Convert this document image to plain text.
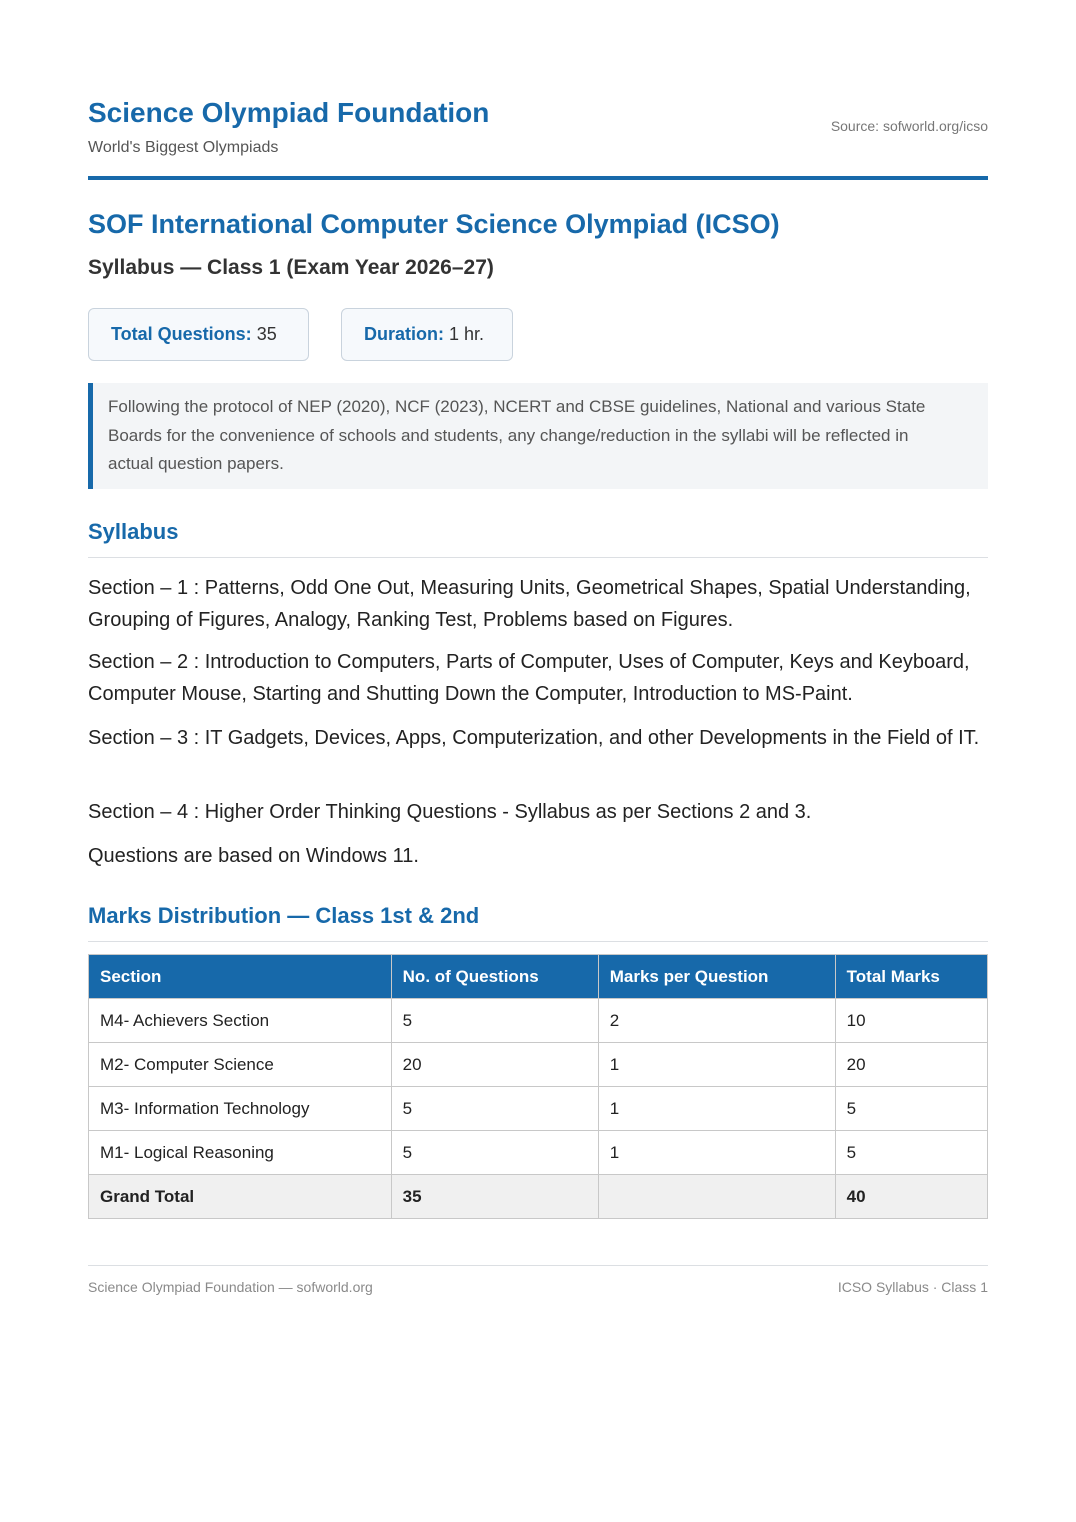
Science Olympiad Foundation
World's Biggest Olympiads
Source: sofworld.org/icso
SOF International Computer Science Olympiad (ICSO)
Syllabus — Class 1 (Exam Year 2026–27)
Total Questions: 35	Duration: 1 hr.
Following the protocol of NEP (2020), NCF (2023), NCERT and CBSE guidelines, National and various State Boards for the convenience of schools and students, any change/reduction in the syllabi will be reflected in actual question papers.
Syllabus

Section – 1 : Patterns, Odd One Out, Measuring Units, Geometrical Shapes, Spatial Understanding, Grouping of Figures, Analogy, Ranking Test, Problems based on Figures.

Section – 2 : Introduction to Computers, Parts of Computer, Uses of Computer, Keys and Keyboard, Computer Mouse, Starting and Shutting Down the Computer, Introduction to MS-Paint.

Section – 3 : IT Gadgets, Devices, Apps, Computerization, and other Developments in the Field of IT.

Section – 4 : Higher Order Thinking Questions - Syllabus as per Sections 2 and 3.

Questions are based on Windows 11.

Marks Distribution — Class 1st & 2nd
Section	No. of Questions	Marks per Question	Total Marks
M4- Achievers Section	5	2	10
M2- Computer Science	20	1	20
M3- Information Technology	5	1	5
M1- Logical Reasoning	5	1	5
Grand Total	35		40
Science Olympiad Foundation — sofworld.org	ICSO Syllabus · Class 1
